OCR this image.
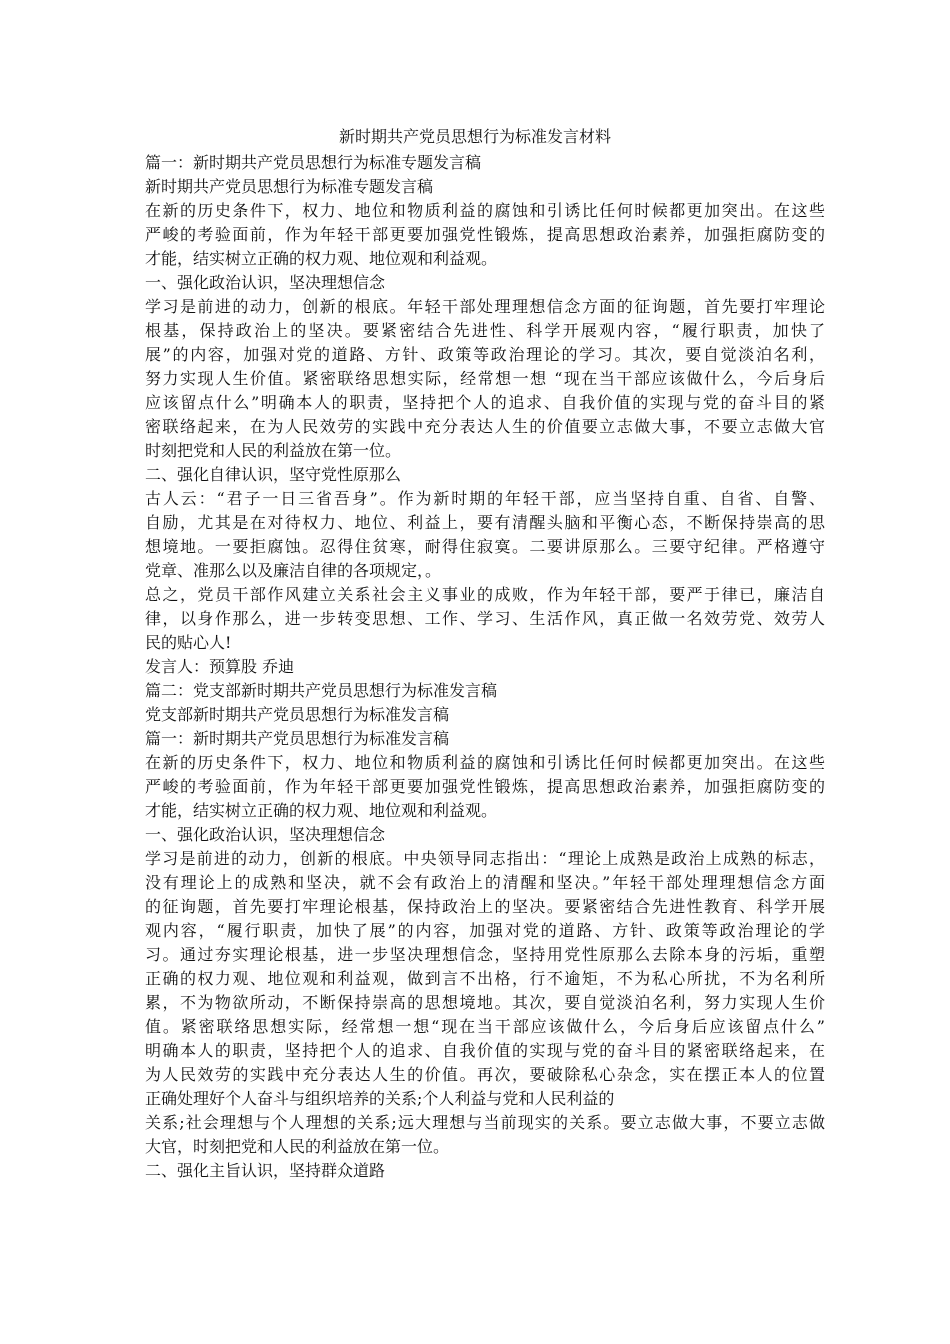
新时期共产党员思想行为标准发言材料
篇一：新时期共产党员思想行为标准专题发言稿
新时期共产党员思想行为标准专题发言稿
在新的历史条件下，权力、地位和物质利益的腐蚀和引诱比任何时候都更加突出。在这些
严峻的考验面前，作为年轻干部更要加强党性锻炼，提高思想政治素养，加强拒腐防变的
才能，结实树立正确的权力观、地位观和利益观。
一、强化政治认识，坚决理想信念
学习是前进的动力，创新的根底。年轻干部处理理想信念方面的征询题，首先要打牢理论
根基，保持政治上的坚决。要紧密结合先进性、科学开展观内容，“履行职责，加快了
展”的内容，加强对党的道路、方针、政策等政治理论的学习。其次，要自觉淡泊名利，
努力实现人生价值。紧密联络思想实际，经常想一想 “现在当干部应该做什么，今后身后
应该留点什么”明确本人的职责，坚持把个人的追求、自我价值的实现与党的奋斗目的紧
密联络起来，在为人民效劳的实践中充分表达人生的价值要立志做大事，不要立志做大官
时刻把党和人民的利益放在第一位。
二、强化自律认识，坚守党性原那么
古人云：“君子一日三省吾身”。作为新时期的年轻干部，应当坚持自重、自省、自警、
自励，尤其是在对待权力、地位、利益上，要有清醒头脑和平衡心态，不断保持崇高的思
想境地。一要拒腐蚀。忍得住贫寒，耐得住寂寞。二要讲原那么。三要守纪律。严格遵守
党章、准那么以及廉洁自律的各项规定，。
总之，党员干部作风建立关系社会主义事业的成败，作为年轻干部，要严于律已，廉洁自
律，以身作那么，进一步转变思想、工作、学习、生活作风，真正做一名效劳党、效劳人
民的贴心人!
发言人：预算股 乔迪
篇二：党支部新时期共产党员思想行为标准发言稿
党支部新时期共产党员思想行为标准发言稿
篇一：新时期共产党员思想行为标准发言稿
在新的历史条件下，权力、地位和物质利益的腐蚀和引诱比任何时候都更加突出。在这些
严峻的考验面前，作为年轻干部更要加强党性锻炼，提高思想政治素养，加强拒腐防变的
才能，结实树立正确的权力观、地位观和利益观。
一、强化政治认识，坚决理想信念
学习是前进的动力，创新的根底。中央领导同志指出：“理论上成熟是政治上成熟的标志，
没有理论上的成熟和坚决，就不会有政治上的清醒和坚决。”年轻干部处理理想信念方面
的征询题，首先要打牢理论根基，保持政治上的坚决。要紧密结合先进性教育、科学开展
观内容，“履行职责，加快了展”的内容，加强对党的道路、方针、政策等政治理论的学
习。通过夯实理论根基，进一步坚决理想信念，坚持用党性原那么去除本身的污垢，重塑
正确的权力观、地位观和利益观，做到言不出格，行不逾矩，不为私心所扰，不为名利所
累，不为物欲所动，不断保持崇高的思想境地。其次，要自觉淡泊名利，努力实现人生价
值。紧密联络思想实际，经常想一想“现在当干部应该做什么，今后身后应该留点什么”
明确本人的职责，坚持把个人的追求、自我价值的实现与党的奋斗目的紧密联络起来，在
为人民效劳的实践中充分表达人生的价值。再次，要破除私心杂念，实在摆正本人的位置
正确处理好个人奋斗与组织培养的关系;个人利益与党和人民利益的
关系;社会理想与个人理想的关系;远大理想与当前现实的关系。要立志做大事，不要立志做
大官，时刻把党和人民的利益放在第一位。
二、强化主旨认识，坚持群众道路
